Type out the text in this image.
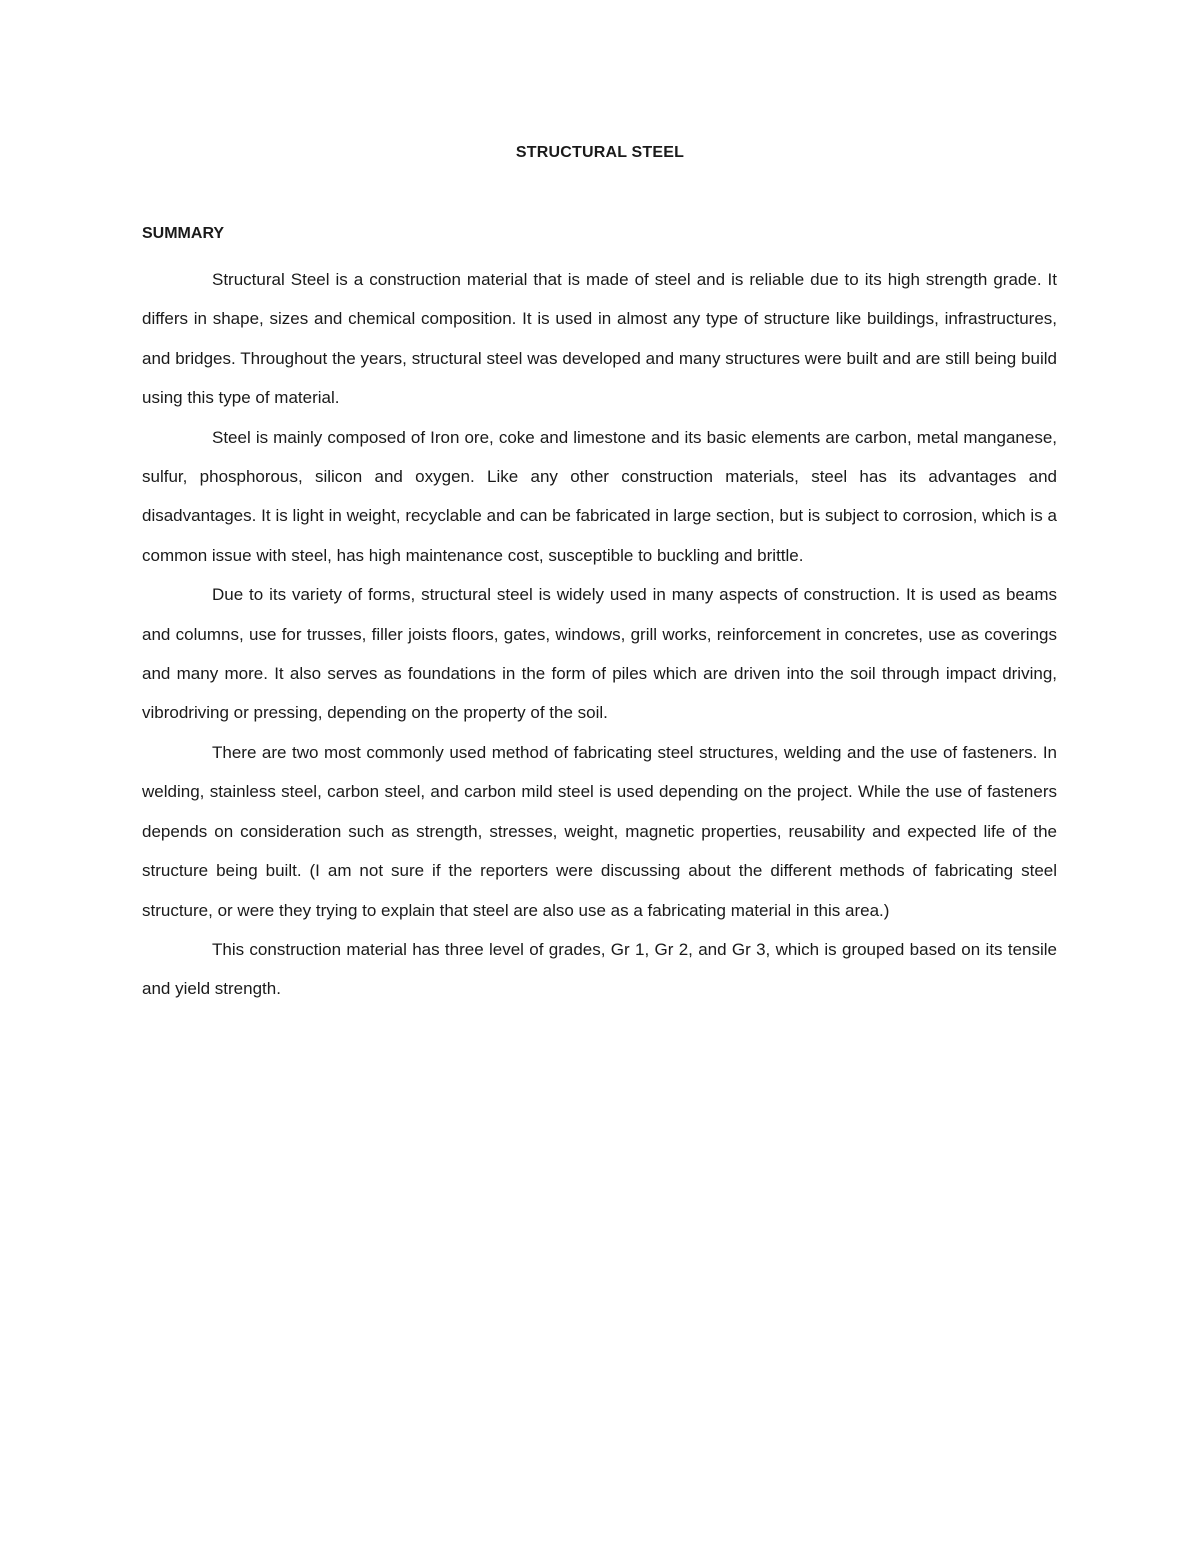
STRUCTURAL STEEL
SUMMARY

Structural Steel is a construction material that is made of steel and is reliable due to its high strength grade. It differs in shape, sizes and chemical composition. It is used in almost any type of structure like buildings, infrastructures, and bridges. Throughout the years, structural steel was developed and many structures were built and are still being build using this type of material.

Steel is mainly composed of Iron ore, coke and limestone and its basic elements are carbon, metal manganese, sulfur, phosphorous, silicon and oxygen. Like any other construction materials, steel has its advantages and disadvantages. It is light in weight, recyclable and can be fabricated in large section, but is subject to corrosion, which is a common issue with steel, has high maintenance cost, susceptible to buckling and brittle.

Due to its variety of forms, structural steel is widely used in many aspects of construction. It is used as beams and columns, use for trusses, filler joists floors, gates, windows, grill works, reinforcement in concretes, use as coverings and many more. It also serves as foundations in the form of piles which are driven into the soil through impact driving, vibrodriving or pressing, depending on the property of the soil.

There are two most commonly used method of fabricating steel structures, welding and the use of fasteners. In welding, stainless steel, carbon steel, and carbon mild steel is used depending on the project. While the use of fasteners depends on consideration such as strength, stresses, weight, magnetic properties, reusability and expected life of the structure being built. (I am not sure if the reporters were discussing about the different methods of fabricating steel structure, or were they trying to explain that steel are also use as a fabricating material in this area.)

This construction material has three level of grades, Gr 1, Gr 2, and Gr 3, which is grouped based on its tensile and yield strength.
